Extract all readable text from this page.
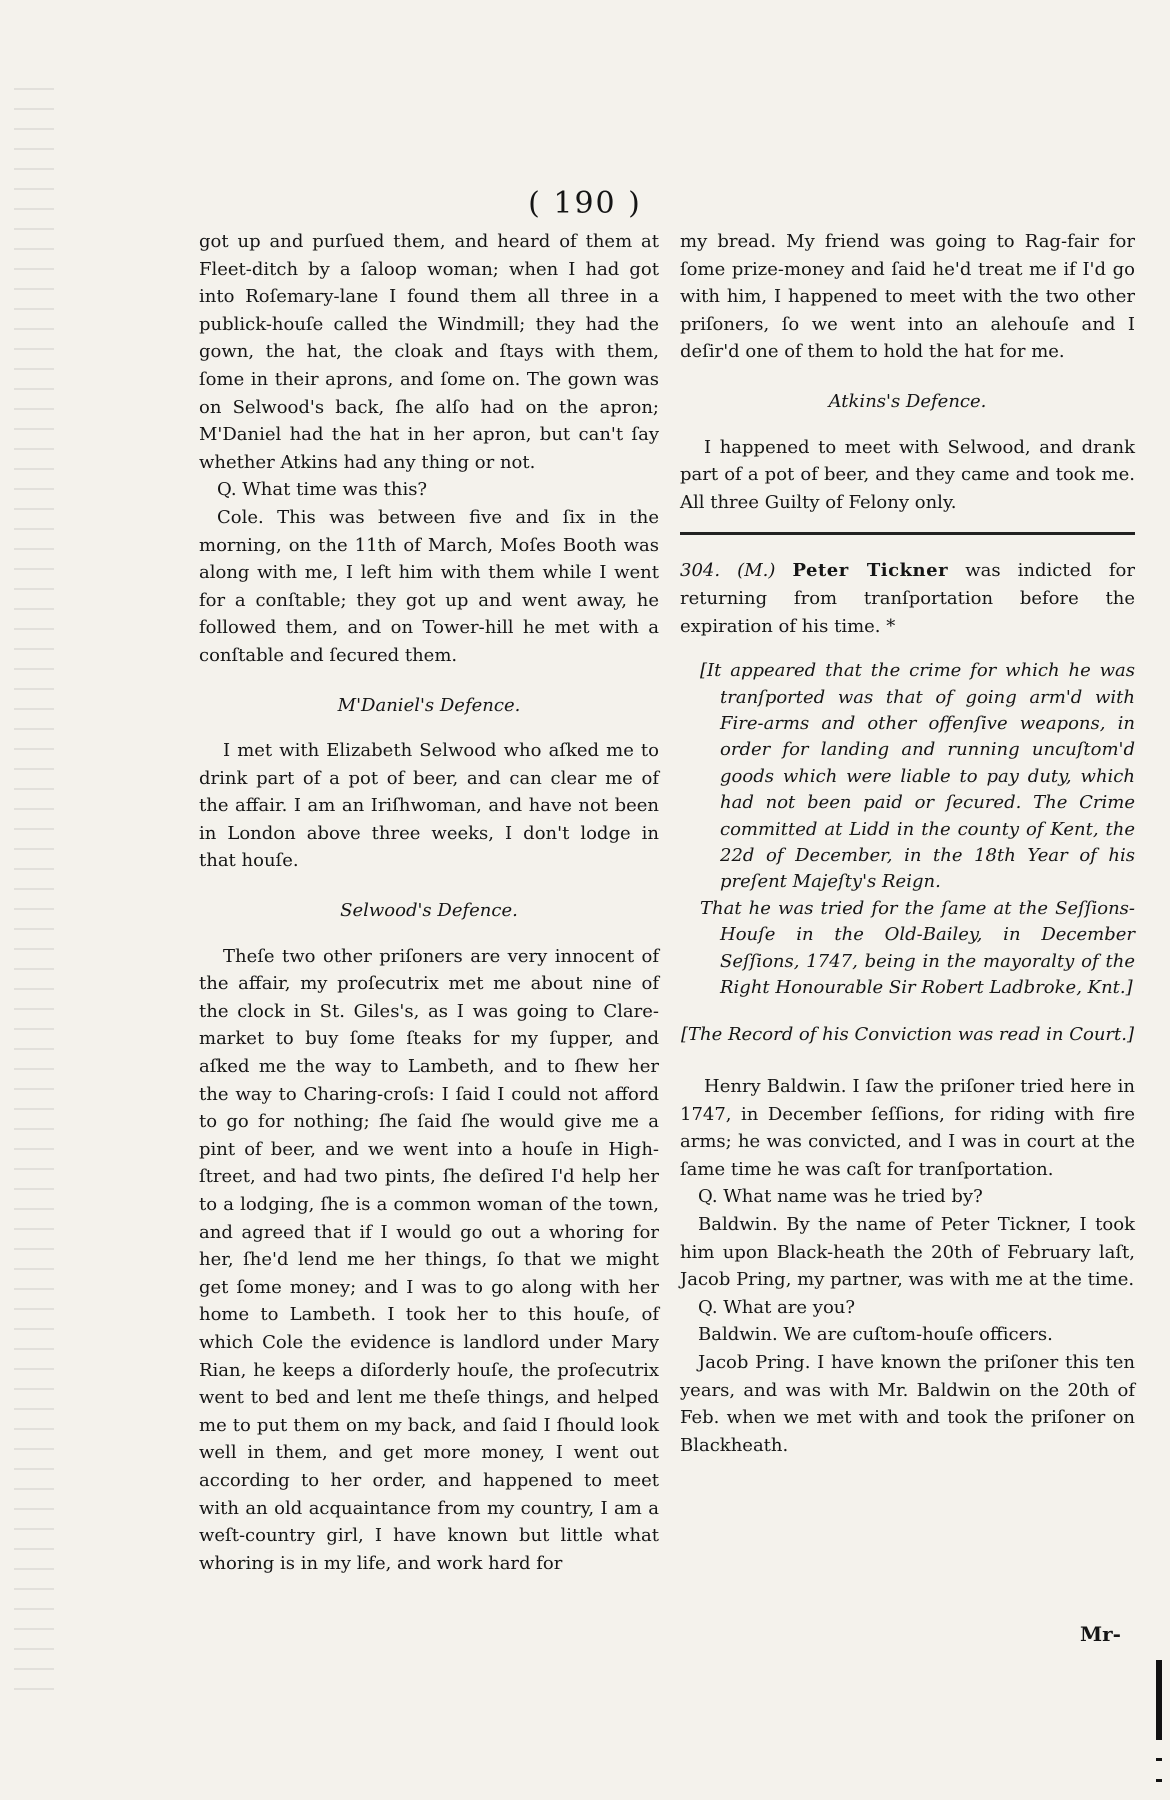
( 190 )

got up and purſued them, and heard of them at Fleet-ditch by a ſaloop woman; when I had got into Roſemary-lane I found them all three in a publick-houſe called the Windmill; they had the gown, the hat, the cloak and ſtays with them, ſome in their aprons, and ſome on. The gown was on Selwood's back, ſhe alſo had on the apron; M'Daniel had the hat in her apron, but can't ſay whether Atkins had any thing or not.

Q. What time was this?

Cole. This was between five and ſix in the morning, on the 11th of March, Moſes Booth was along with me, I left him with them while I went for a conſtable; they got up and went away, he followed them, and on Tower-hill he met with a conſtable and ſecured them.

M'Daniel's Defence.

I met with Elizabeth Selwood who aſked me to drink part of a pot of beer, and can clear me of the affair. I am an Iriſhwoman, and have not been in London above three weeks, I don't lodge in that houſe.

Selwood's Defence.

Theſe two other priſoners are very innocent of the affair, my proſecutrix met me about nine of the clock in St. Giles's, as I was going to Clare-market to buy ſome ſteaks for my ſupper, and aſked me the way to Lambeth, and to ſhew her the way to Charing-croſs: I ſaid I could not afford to go for nothing; ſhe ſaid ſhe would give me a pint of beer, and we went into a houſe in High-ſtreet, and had two pints, ſhe deſired I'd help her to a lodging, ſhe is a common woman of the town, and agreed that if I would go out a whoring for her, ſhe'd lend me her things, ſo that we might get ſome money; and I was to go along with her home to Lambeth. I took her to this houſe, of which Cole the evidence is landlord under Mary Rian, he keeps a diſorderly houſe, the proſecutrix went to bed and lent me theſe things, and helped me to put them on my back, and ſaid I ſhould look well in them, and get more money, I went out according to her order, and happened to meet with an old acquaintance from my country, I am a weſt-country girl, I have known but little what whoring is in my life, and work hard for

my bread. My friend was going to Rag-fair for ſome prize-money and ſaid he'd treat me if I'd go with him, I happened to meet with the two other priſoners, ſo we went into an alehouſe and I deſir'd one of them to hold the hat for me.

Atkins's Defence.

I happened to meet with Selwood, and drank part of a pot of beer, and they came and took me. All three Guilty of Felony only.

304. (M.) Peter Tickner was indicted for returning from tranſportation before the expiration of his time. *

[It appeared that the crime for which he was tranſported was that of going arm'd with Fire-arms and other offenſive weapons, in order for landing and running uncuſtom'd goods which were liable to pay duty, which had not been paid or ſecured. The Crime committed at Lidd in the county of Kent, the 22d of December, in the 18th Year of his preſent Majeſty's Reign.

That he was tried for the ſame at the Seſſions-Houſe in the Old-Bailey, in December Seſſions, 1747, being in the mayoralty of the Right Honourable Sir Robert Ladbroke, Knt.]

[The Record of his Conviction was read in Court.]

Henry Baldwin. I ſaw the priſoner tried here in 1747, in December ſeſſions, for riding with fire arms; he was convicted, and I was in court at the ſame time he was caſt for tranſportation.

Q. What name was he tried by?

Baldwin. By the name of Peter Tickner, I took him upon Black-heath the 20th of February laſt, Jacob Pring, my partner, was with me at the time.

Q. What are you?

Baldwin. We are cuſtom-houſe officers.

Jacob Pring. I have known the priſoner this ten years, and was with Mr. Baldwin on the 20th of Feb. when we met with and took the priſoner on Blackheath.

Mr-
